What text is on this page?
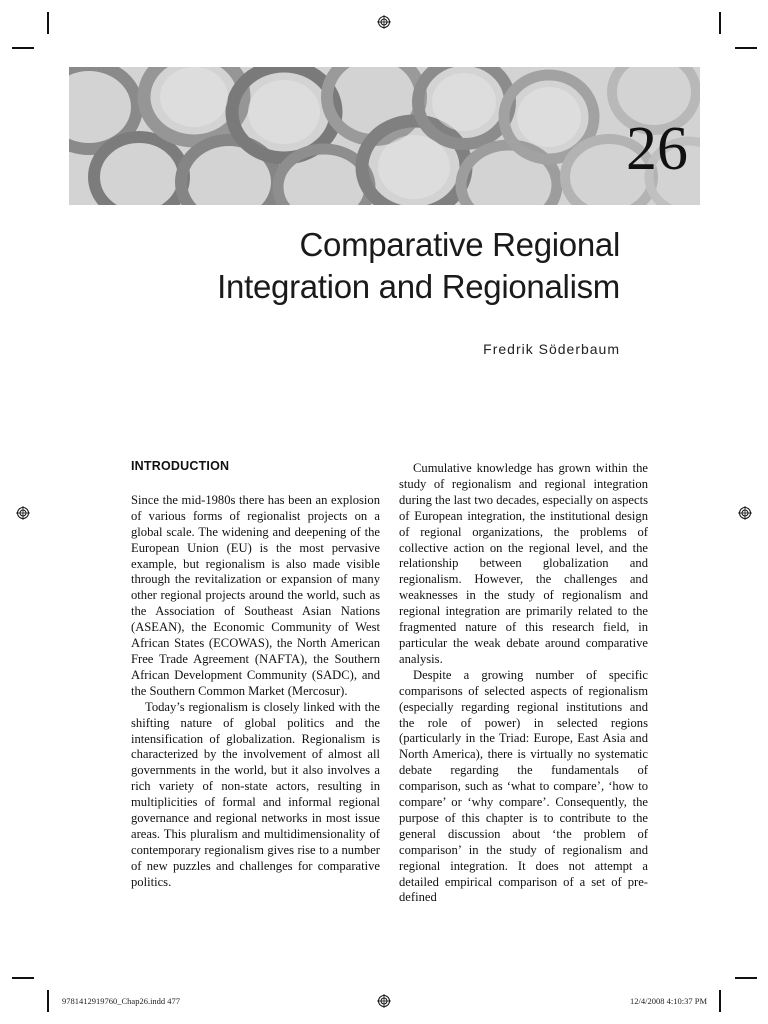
26
Comparative Regional
Integration and Regionalism
Fredrik Söderbaum
INTRODUCTION

Since the mid-1980s there has been an explosion of various forms of regionalist projects on a global scale. The widening and deepening of the European Union (EU) is the most pervasive example, but regionalism is also made visible through the revitalization or expansion of many other regional projects around the world, such as the Association of Southeast Asian Nations (ASEAN), the Economic Community of West African States (ECOWAS), the North American Free Trade Agreement (NAFTA), the Southern African Development Community (SADC), and the Southern Common Market (Mercosur).

Today’s regionalism is closely linked with the shifting nature of global politics and the intensification of globalization. Regionalism is characterized by the involvement of almost all governments in the world, but it also involves a rich variety of non-state actors, resulting in multiplicities of formal and informal regional governance and regional networks in most issue areas. This pluralism and multidimensionality of contemporary regionalism gives rise to a number of new puzzles and challenges for comparative politics.

Cumulative knowledge has grown within the study of regionalism and regional integration during the last two decades, especially on aspects of European integration, the institutional design of regional organizations, the problems of collective action on the regional level, and the relationship between globalization and regionalism. However, the challenges and weaknesses in the study of regionalism and regional integration are primarily related to the fragmented nature of this research field, in particular the weak debate around comparative analysis.

Despite a growing number of specific comparisons of selected aspects of regionalism (especially regarding regional institutions and the role of power) in selected regions (particularly in the Triad: Europe, East Asia and North America), there is virtually no systematic debate regarding the fundamentals of comparison, such as ‘what to compare’, ‘how to compare’ or ‘why compare’. Consequently, the purpose of this chapter is to contribute to the general discussion about ‘the problem of comparison’ in the study of regionalism and regional integration. It does not attempt a detailed empirical comparison of a set of pre-defined

9781412919760_Chap26.indd 477	12/4/2008 4:10:37 PM
